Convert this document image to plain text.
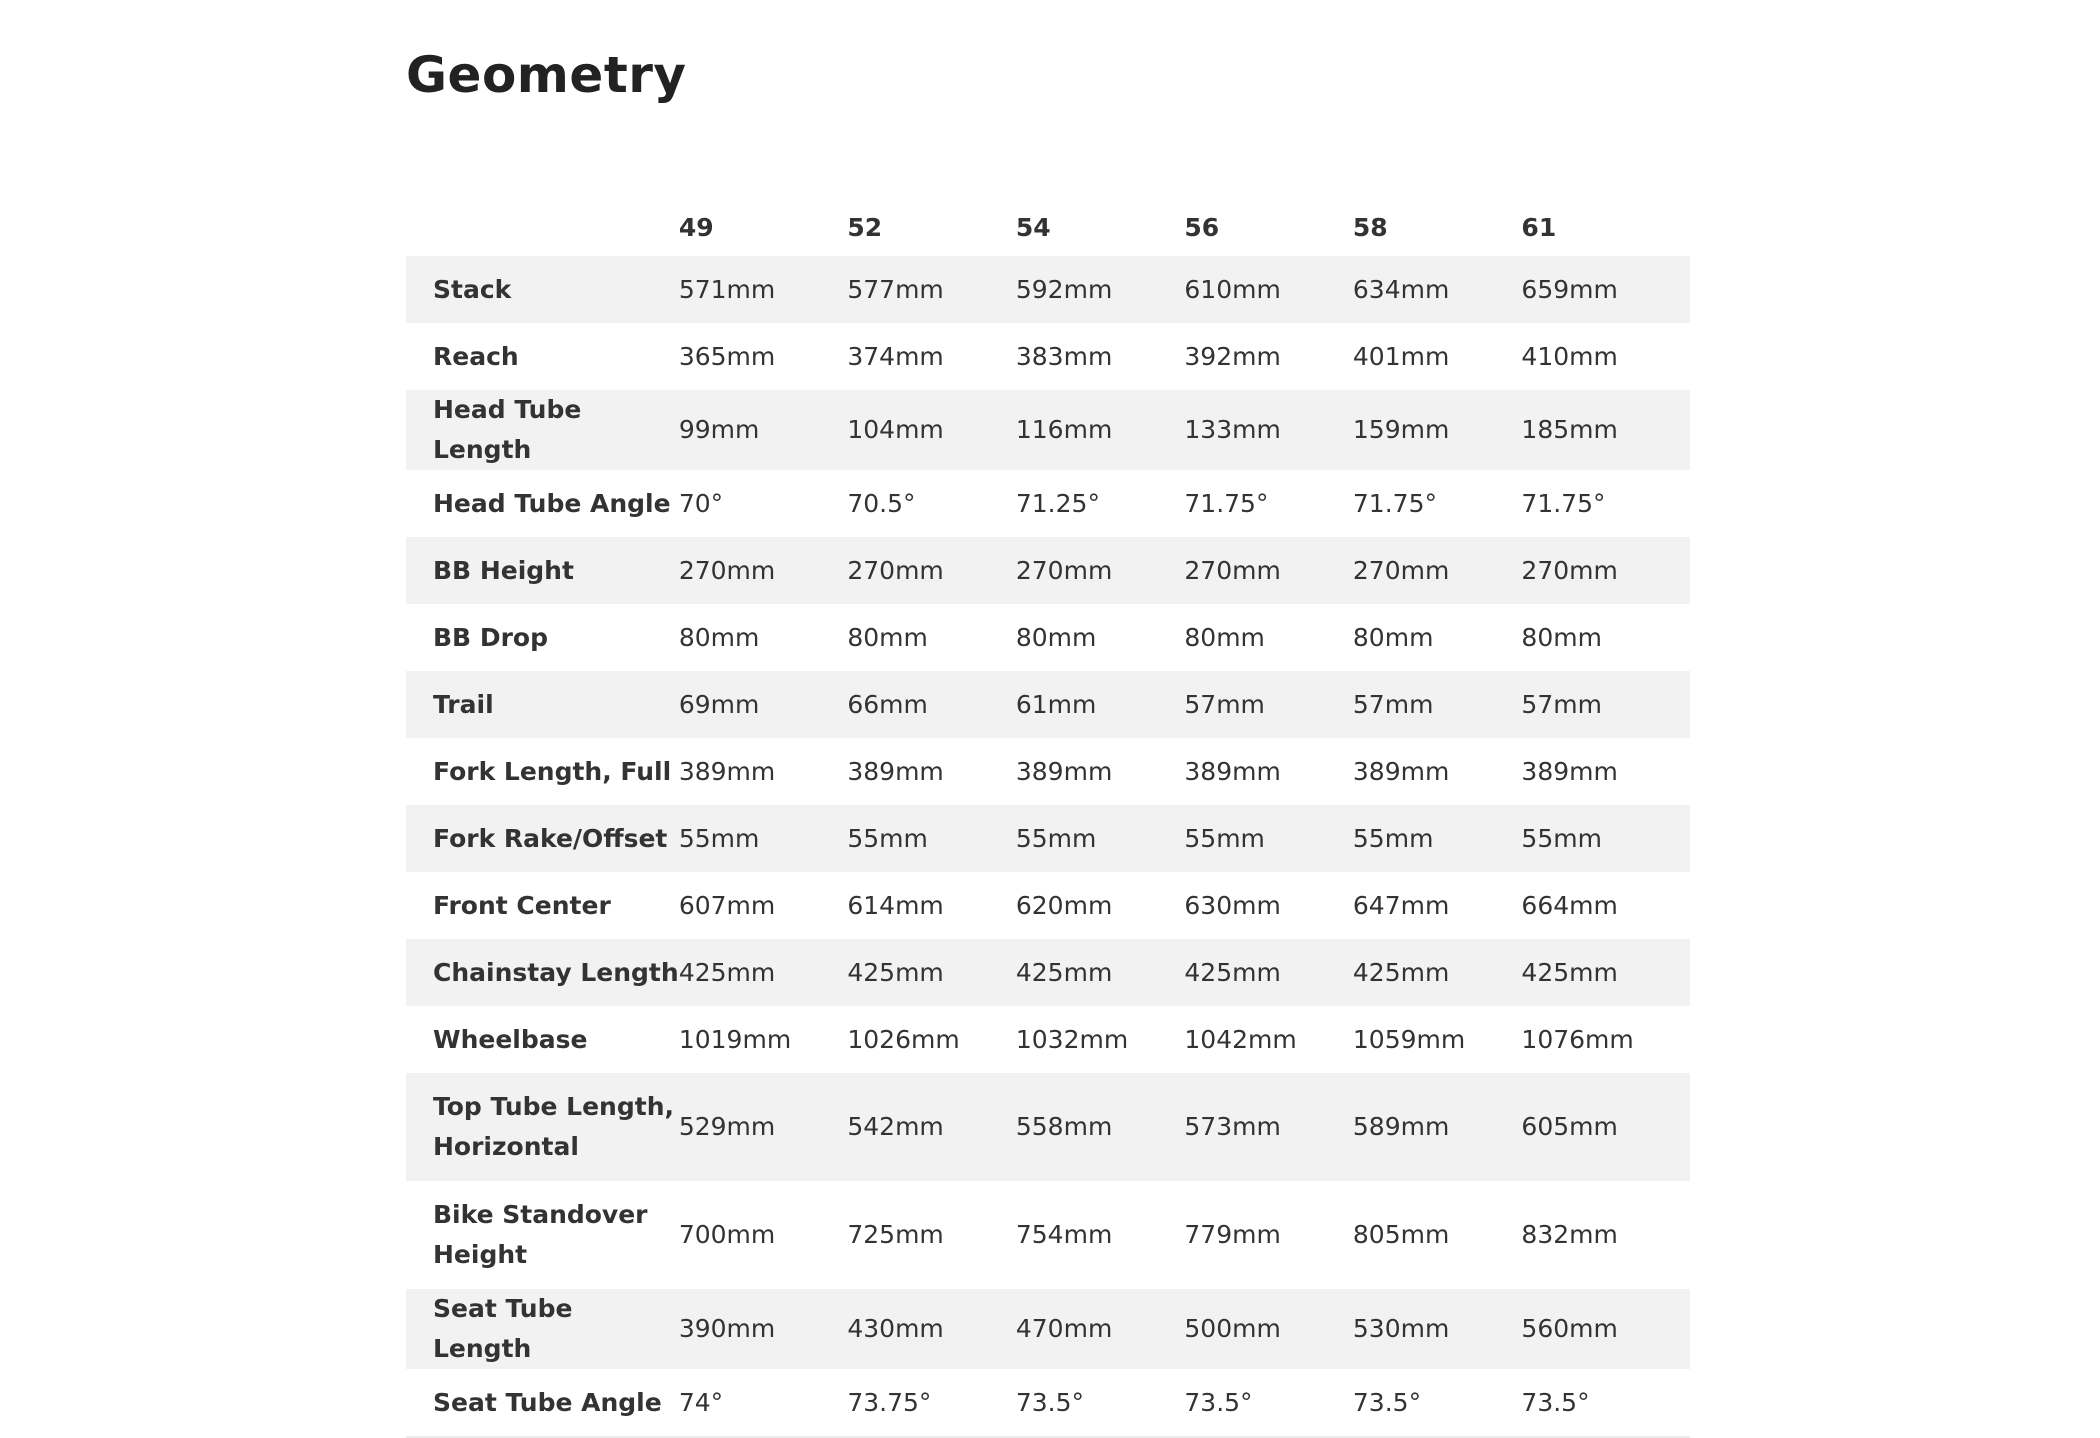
Geometry
	49	52	54	56	58	61
Stack	571mm	577mm	592mm	610mm	634mm	659mm
Reach	365mm	374mm	383mm	392mm	401mm	410mm
Head Tube Length	99mm	104mm	116mm	133mm	159mm	185mm
Head Tube Angle	70°	70.5°	71.25°	71.75°	71.75°	71.75°
BB Height	270mm	270mm	270mm	270mm	270mm	270mm
BB Drop	80mm	80mm	80mm	80mm	80mm	80mm
Trail	69mm	66mm	61mm	57mm	57mm	57mm
Fork Length, Full	389mm	389mm	389mm	389mm	389mm	389mm
Fork Rake/Offset	55mm	55mm	55mm	55mm	55mm	55mm
Front Center	607mm	614mm	620mm	630mm	647mm	664mm
Chainstay Length	425mm	425mm	425mm	425mm	425mm	425mm
Wheelbase	1019mm	1026mm	1032mm	1042mm	1059mm	1076mm
Top Tube Length, Horizontal	529mm	542mm	558mm	573mm	589mm	605mm
Bike Standover Height	700mm	725mm	754mm	779mm	805mm	832mm
Seat Tube Length	390mm	430mm	470mm	500mm	530mm	560mm
Seat Tube Angle	74°	73.75°	73.5°	73.5°	73.5°	73.5°
